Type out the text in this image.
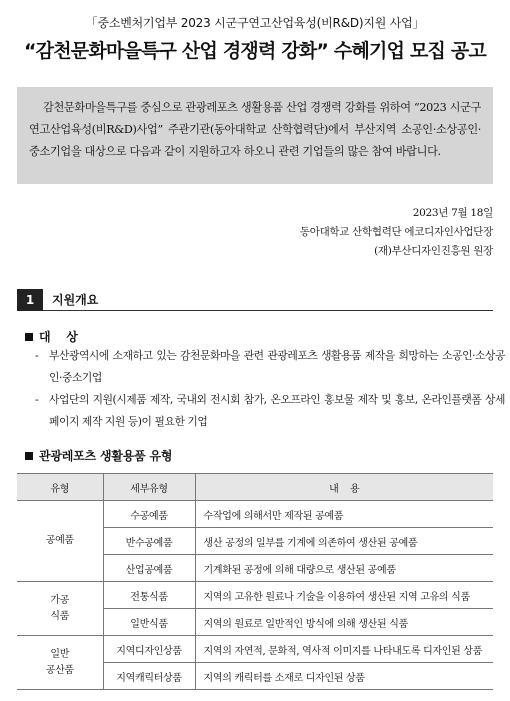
「중소벤처기업부 2023 시군구연고산업육성(비R&D)지원 사업」
“감천문화마을특구 산업 경쟁력 강화” 수혜기업 모집 공고

감천문화마을특구를 중심으로 관광레포츠 생활용품 산업 경쟁력 강화를 위하여 “2023 시군구 연고산업육성(비R&D)사업” 주관기관(동아대학교 산학협력단)에서 부산지역 소공인·소상공인·중소기업을 대상으로 다음과 같이 지원하고자 하오니 관련 기업들의 많은 참여 바랍니다.

2023년 7월 18일
동아대학교 산학협력단 에코디자인사업단장
(재)부산디자인진흥원 원장
1	지원개요
대    상
- 부산광역시에 소재하고 있는 감천문화마을 관련 관광레포츠 생활용품 제작을 희망하는 소공인·소상공인·중소기업
- 사업단의 지원(시제품 제작, 국내외 전시회 참가, 온오프라인 홍보물 제작 및 홍보, 온라인플랫폼 상세페이지 제작 지원 등)이 필요한 기업
관광레포츠 생활용품 유형
유형	세부유형	내    용
공예품	수공예품	수작업에 의해서만 제작된 공예품
	반수공예품	생산 공정의 일부를 기계에 의존하여 생산된 공예품
	산업공예품	기계화된 공정에 의해 대량으로 생산된 공예품
가공
식품	전통식품	지역의 고유한 원료나 기술을 이용하여 생산된 지역 고유의 식품
	일반식품	지역의 원료로 일반적인 방식에 의해 생산된 식품
일반
공산품	지역디자인상품	지역의 자연적, 문화적, 역사적 이미지를 나타내도록 디자인된 상품
	지역캐릭터상품	지역의 캐릭터를 소재로 디자인된 상품
